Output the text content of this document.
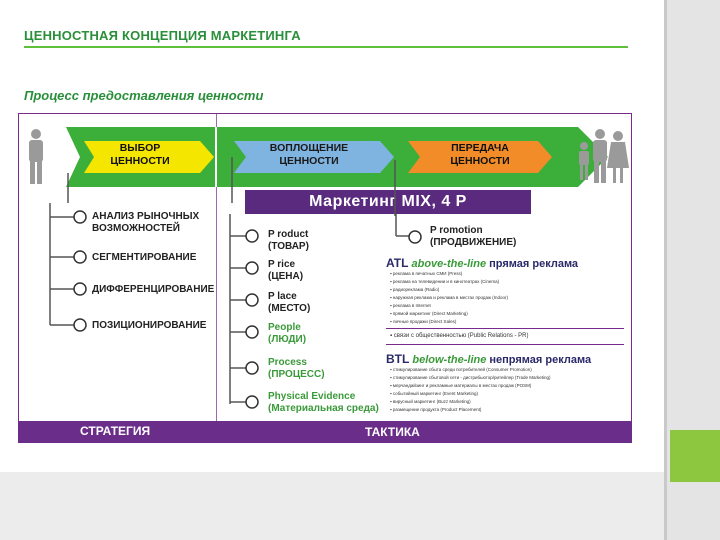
ЦЕННОСТНАЯ КОНЦЕПЦИЯ МАРКЕТИНГА
Процесс предоставления ценности
ВЫБОР
ЦЕННОСТИ
ВОПЛОЩЕНИЕ
ЦЕННОСТИ
ПЕРЕДАЧА
ЦЕННОСТИ
АНАЛИЗ РЫНОЧНЫХ
ВОЗМОЖНОСТЕЙ
СЕГМЕНТИРОВАНИЕ
ДИФФЕРЕНЦИРОВАНИЕ
ПОЗИЦИОНИРОВАНИЕ
Маркетинг MIX, 4 P
P roduct
(ТОВАР)
P rice
(ЦЕНА)
P lace
(МЕСТО)
People
(ЛЮДИ)
Process
(ПРОЦЕСС)
Physical Evidence
(Материальная среда)
P romotion
(ПРОДВИЖЕНИЕ)
ATL above-the-line прямая реклама
▪ реклама в печатных СМИ (Press)
▪ реклама на телевидении и в кинотеатрах (Cinema)
▪ радиореклама (Radio)
▪ наружная реклама и реклама в местах продаж (Indoor)
▪ реклама в Internet
▪ прямой маркетинг (Direct Marketing)
▪ личные продажи (Direct Sales)
▪ связи с общественностью (Public Relations - PR)
BTL below-the-line непрямая реклама
▪ стимулирование сбыта среди потребителей (Consumer Promotion)
▪ стимулирование сбытовой сети - дистрибьютор/ритейлер (Trade Marketing)
▪ мерчандайзинг и рекламные материалы в местах продаж (POSM)
▪ событийный маркетинг (Event Marketing)
▪ вирусный маркетинг (Buzz Marketing)
▪ размещение продукта (Product Placement)
СТРАТЕГИЯ	ТАКТИКА
